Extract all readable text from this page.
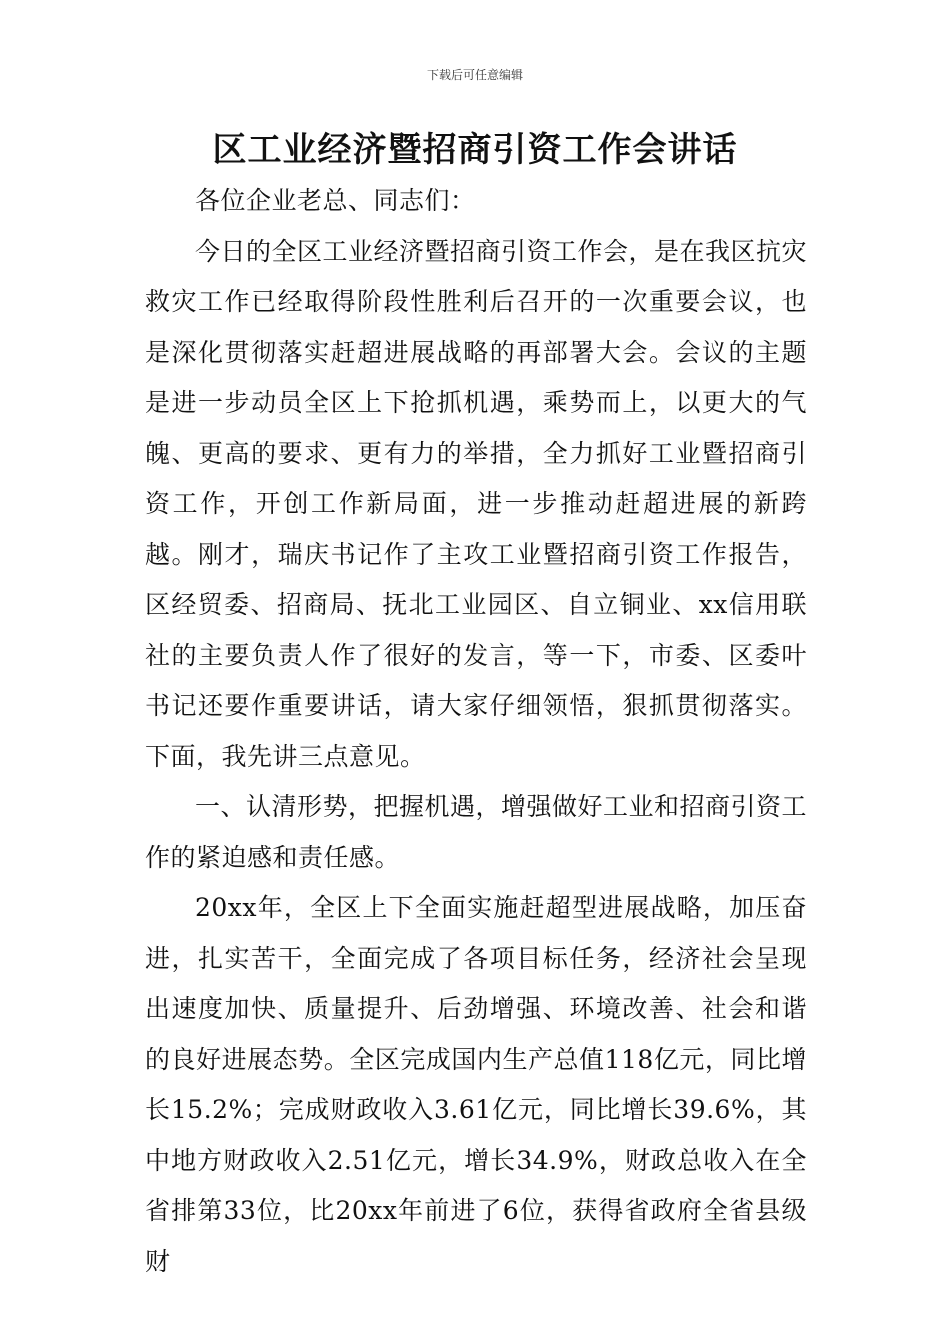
下载后可任意编辑
区工业经济暨招商引资工作会讲话

各位企业老总、同志们：

今日的全区工业经济暨招商引资工作会，是在我区抗灾救灾工作已经取得阶段性胜利后召开的一次重要会议，也是深化贯彻落实赶超进展战略的再部署大会。会议的主题是进一步动员全区上下抢抓机遇，乘势而上，以更大的气魄、更高的要求、更有力的举措，全力抓好工业暨招商引资工作，开创工作新局面，进一步推动赶超进展的新跨越。刚才，瑞庆书记作了主攻工业暨招商引资工作报告，区经贸委、招商局、抚北工业园区、自立铜业、xx信用联社的主要负责人作了很好的发言，等一下，市委、区委叶书记还要作重要讲话，请大家仔细领悟，狠抓贯彻落实。下面，我先讲三点意见。

一、认清形势，把握机遇，增强做好工业和招商引资工作的紧迫感和责任感。

20xx年，全区上下全面实施赶超型进展战略，加压奋进，扎实苦干，全面完成了各项目标任务，经济社会呈现出速度加快、质量提升、后劲增强、环境改善、社会和谐的良好进展态势。全区完成国内生产总值118亿元，同比增长15.2%；完成财政收入3.61亿元，同比增长39.6%，其中地方财政收入2.51亿元，增长34.9%，财政总收入在全省排第33位，比20xx年前进了6位，获得省政府全省县级财
